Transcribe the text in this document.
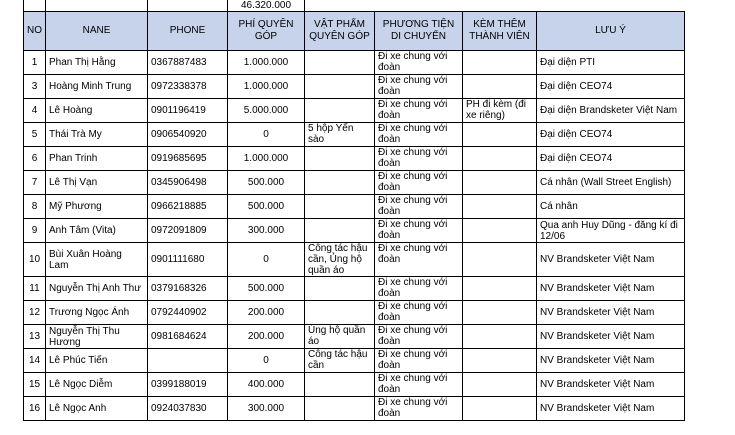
			46.320.000				
NO	NANE	PHONE	PHÍ QUYÊN GÓP	VẬT PHẨM QUYÊN GÓP	PHƯƠNG TIỆN DI CHUYỂN	KÈM THÊM THÀNH VIÊN	LƯU Ý
1	Phan Thị Hằng	0367887483	1.000.000		Đi xe chung với đoàn		Đại diện PTI
3	Hoàng Minh Trung	0972338378	1.000.000		Đi xe chung với đoàn		Đại diện CEO74
4	Lê Hoàng	0901196419	5.000.000		Đi xe chung với đoàn	PH đi kèm (đi xe riêng)	Đại diện Brandsketer Việt Nam
5	Thái Trà My	0906540920	0	5 hộp Yến sào	Đi xe chung với đoàn		Đại diện CEO74
6	Phan Trinh	0919685695	1.000.000		Đi xe chung với đoàn		Đại diện CEO74
7	Lê Thị Vạn	0345906498	500.000		Đi xe chung với đoàn		Cá nhân (Wall Street English)
8	Mỹ Phương	0966218885	500.000		Đi xe chung với đoàn		Cá nhân
9	Anh Tâm (Vita)	0972091809	300.000		Đi xe chung với đoàn		Qua anh Huy Dũng - đăng kí đi 12/06
10	Bùi Xuân Hoàng Lam	0901111680	0	Công tác hậu cần, Ủng hộ quần áo	Đi xe chung với đoàn		NV Brandsketer Việt Nam
11	Nguyễn Thị Anh Thư	0379168326	500.000		Đi xe chung với đoàn		NV Brandsketer Việt Nam
12	Trương Ngọc Ánh	0792440902	200.000		Đi xe chung với đoàn		NV Brandsketer Việt Nam
13	Nguyễn Thị Thu Hương	0981684624	200.000	Ủng hộ quần áo	Đi xe chung với đoàn		NV Brandsketer Việt Nam
14	Lê Phúc Tiến		0	Công tác hậu cần	Đi xe chung với đoàn		NV Brandsketer Việt Nam
15	Lê Ngọc Diễm	0399188019	400.000		Đi xe chung với đoàn		NV Brandsketer Việt Nam
16	Lê Ngọc Anh	0924037830	300.000		Đi xe chung với đoàn		NV Brandsketer Việt Nam
